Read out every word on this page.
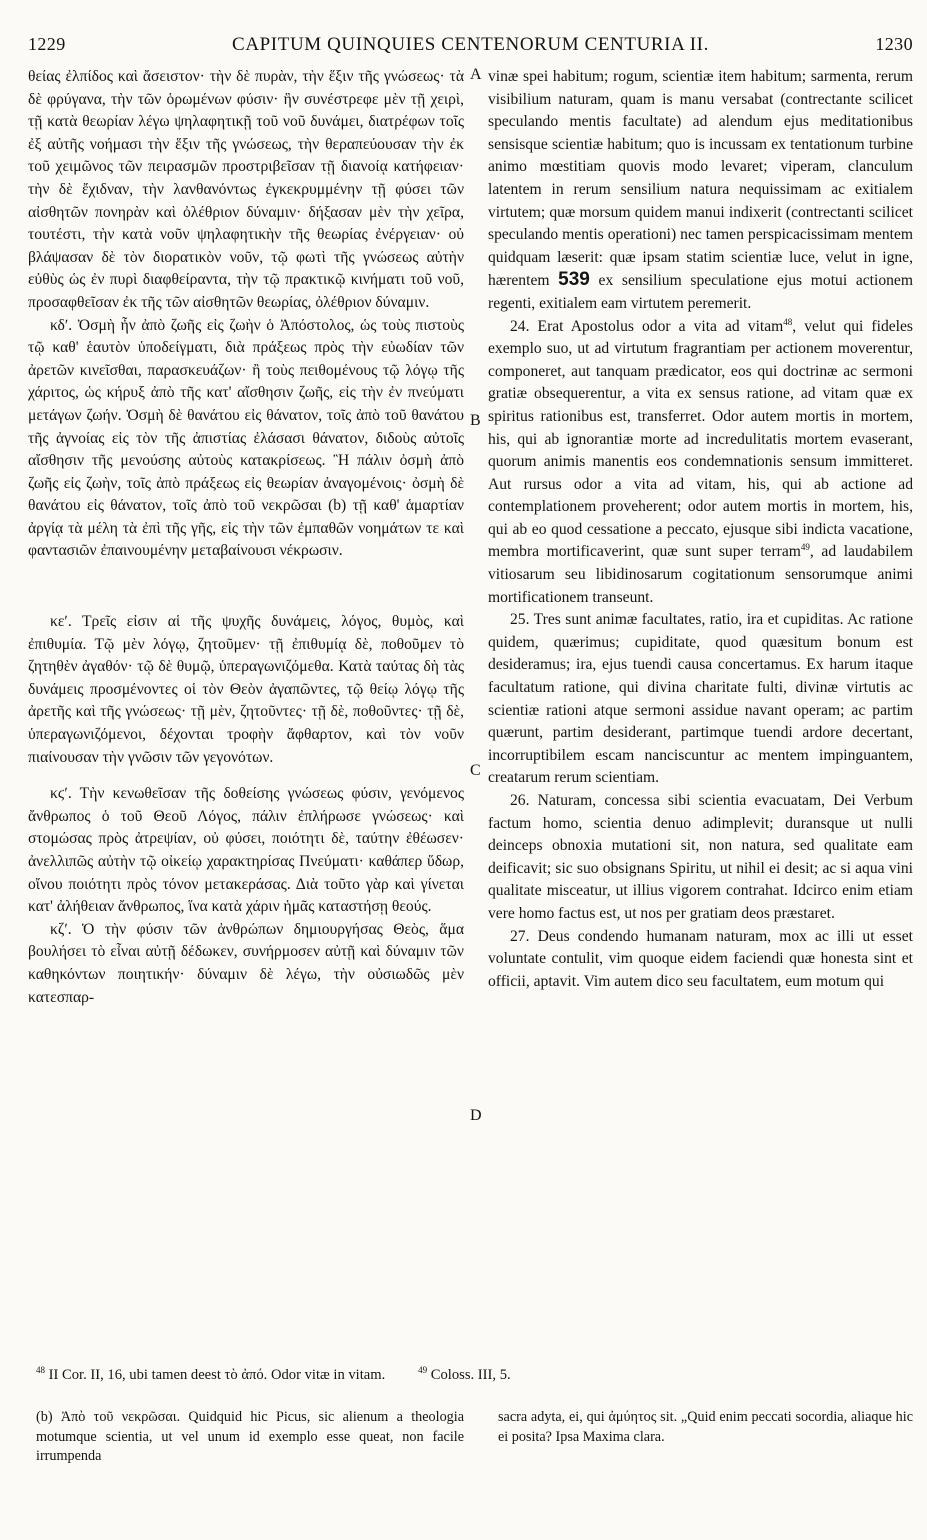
1229	CAPITUM QUINQUIES CENTENORUM CENTURIA II.	1230

θείας ἐλπίδος καὶ ἄσειστον· τὴν δὲ πυρὰν, τὴν ἕξιν τῆς γνώσεως· τὰ δὲ φρύγανα, τὴν τῶν ὁρωμένων φύσιν· ἣν συνέστρεφε μὲν τῇ χειρὶ, τῇ κατὰ θεωρίαν λέγω ψηλαφητικῇ τοῦ νοῦ δυνάμει, διατρέφων τοῖς ἐξ αὐτῆς νοήμασι τὴν ἕξιν τῆς γνώσεως, τὴν θεραπεύουσαν τὴν ἐκ τοῦ χειμῶνος τῶν πειρασμῶν προστριβεῖσαν τῇ διανοίᾳ κατήφειαν· τὴν δὲ ἔχιδναν, τὴν λανθανόντως ἐγκεκρυμμένην τῇ φύσει τῶν αἰσθητῶν πονηρὰν καὶ ὀλέθριον δύναμιν· δήξασαν μὲν τὴν χεῖρα, τουτέστι, τὴν κατὰ νοῦν ψηλαφητικὴν τῆς θεωρίας ἐνέργειαν· οὐ βλάψασαν δὲ τὸν διορατικὸν νοῦν, τῷ φωτὶ τῆς γνώσεως αὐτὴν εὐθὺς ὡς ἐν πυρὶ διαφθείραντα, τὴν τῷ πρακτικῷ κινήματι τοῦ νοῦ, προσαφθεῖσαν ἐκ τῆς τῶν αἰσθητῶν θεωρίας, ὀλέθριον δύναμιν.

κδʹ. Ὀσμὴ ἦν ἀπὸ ζωῆς εἰς ζωὴν ὁ Ἀπόστολος, ὡς τοὺς πιστοὺς τῷ καθ' ἑαυτὸν ὑποδείγματι, διὰ πράξεως πρὸς τὴν εὐωδίαν τῶν ἀρετῶν κινεῖσθαι, παρασκευάζων· ἢ τοὺς πειθομένους τῷ λόγῳ τῆς χάριτος, ὡς κήρυξ ἀπὸ τῆς κατ' αἴσθησιν ζωῆς, εἰς τὴν ἐν πνεύματι μετάγων ζωήν. Ὀσμὴ δὲ θανάτου εἰς θάνατον, τοῖς ἀπὸ τοῦ θανάτου τῆς ἀγνοίας εἰς τὸν τῆς ἀπιστίας ἐλάσασι θάνατον, διδοὺς αὐτοῖς αἴσθησιν τῆς μενούσης αὐτοὺς κατακρίσεως. Ἢ πάλιν ὀσμὴ ἀπὸ ζωῆς εἰς ζωὴν, τοῖς ἀπὸ πράξεως εἰς θεωρίαν ἀναγομένοις· ὀσμὴ δὲ θανάτου εἰς θάνατον, τοῖς ἀπὸ τοῦ νεκρῶσαι (b) τῇ καθ' ἁμαρτίαν ἀργίᾳ τὰ μέλη τὰ ἐπὶ τῆς γῆς, εἰς τὴν τῶν ἐμπαθῶν νοημάτων τε καὶ φαντασιῶν ἐπαινουμένην μεταβαίνουσι νέκρωσιν.

κεʹ. Τρεῖς εἰσιν αἱ τῆς ψυχῆς δυνάμεις, λόγος, θυμὸς, καὶ ἐπιθυμία. Τῷ μὲν λόγῳ, ζητοῦμεν· τῇ ἐπιθυμίᾳ δὲ, ποθοῦμεν τὸ ζητηθὲν ἀγαθόν· τῷ δὲ θυμῷ, ὑπεραγωνιζόμεθα. Κατὰ ταύτας δὴ τὰς δυνάμεις προσμένοντες οἱ τὸν Θεὸν ἀγαπῶντες, τῷ θείῳ λόγῳ τῆς ἀρετῆς καὶ τῆς γνώσεως· τῇ μὲν, ζητοῦντες· τῇ δὲ, ποθοῦντες· τῇ δὲ, ὑπεραγωνιζόμενοι, δέχονται τροφὴν ἄφθαρτον, καὶ τὸν νοῦν πιαίνουσαν τὴν γνῶσιν τῶν γεγονότων.

κϛʹ. Τὴν κενωθεῖσαν τῆς δοθείσης γνώσεως φύσιν, γενόμενος ἄνθρωπος ὁ τοῦ Θεοῦ Λόγος, πάλιν ἐπλήρωσε γνώσεως· καὶ στομώσας πρὸς ἀτρεψίαν, οὐ φύσει, ποιότητι δὲ, ταύτην ἐθέωσεν· ἀνελλιπῶς αὐτὴν τῷ οἰκείῳ χαρακτηρίσας Πνεύματι· καθάπερ ὕδωρ, οἴνου ποιότητι πρὸς τόνον μετακεράσας. Διὰ τοῦτο γὰρ καὶ γίνεται κατ' ἀλήθειαν ἄνθρωπος, ἵνα κατὰ χάριν ἡμᾶς καταστήσῃ θεούς.

κζʹ. Ὁ τὴν φύσιν τῶν ἀνθρώπων δημιουργήσας Θεὸς, ἅμα βουλήσει τὸ εἶναι αὐτῇ δέδωκεν, συνήρμοσεν αὐτῇ καὶ δύναμιν τῶν καθηκόντων ποιητικήν· δύναμιν δὲ λέγω, τὴν οὐσιωδῶς μὲν κατεσπαρ-

A
B
C
D

vinæ spei habitum; rogum, scientiæ item habitum; sarmenta, rerum visibilium naturam, quam is manu versabat (contrectante scilicet speculando mentis facultate) ad alendum ejus meditationibus sensisque scientiæ habitum; quo is incussam ex tentationum turbine animo mœstitiam quovis modo levaret; viperam, clanculum latentem in rerum sensilium natura nequissimam ac exitialem virtutem; quæ morsum quidem manui indixerit (contrectanti scilicet speculando mentis operationi) nec tamen perspicacissimam mentem quidquam læserit: quæ ipsam statim scientiæ luce, velut in igne, hærentem 539 ex sensilium speculatione ejus motui actionem regenti, exitialem eam virtutem peremerit.

24. Erat Apostolus odor a vita ad vitam$^{48}$, velut qui fideles exemplo suo, ut ad virtutum fragrantiam per actionem moverentur, componeret, aut tanquam prædicator, eos qui doctrinæ ac sermoni gratiæ obsequerentur, a vita ex sensus ratione, ad vitam quæ ex spiritus rationibus est, transferret. Odor autem mortis in mortem, his, qui ab ignorantiæ morte ad incredulitatis mortem evaserant, quorum animis manentis eos condemnationis sensum immitteret. Aut rursus odor a vita ad vitam, his, qui ab actione ad contemplationem proveherent; odor autem mortis in mortem, his, qui ab eo quod cessatione a peccato, ejusque sibi indicta vacatione, membra mortificaverint, quæ sunt super terram$^{49}$, ad laudabilem vitiosarum seu libidinosarum cogitationum sensorumque animi mortificationem transeunt.

25. Tres sunt animæ facultates, ratio, ira et cupiditas. Ac ratione quidem, quærimus; cupiditate, quod quæsitum bonum est desideramus; ira, ejus tuendi causa concertamus. Ex harum itaque facultatum ratione, qui divina charitate fulti, divinæ virtutis ac scientiæ rationi atque sermoni assidue navant operam; ac partim quærunt, partim desiderant, partimque tuendi ardore decertant, incorruptibilem escam nanciscuntur ac mentem impinguantem, creatarum rerum scientiam.

26. Naturam, concessa sibi scientia evacuatam, Dei Verbum factum homo, scientia denuo adimplevit; duransque ut nulli deinceps obnoxia mutationi sit, non natura, sed qualitate eam deificavit; sic suo obsignans Spiritu, ut nihil ei desit; ac si aqua vini qualitate misceatur, ut illius vigorem contrahat. Idcirco enim etiam vere homo factus est, ut nos per gratiam deos præstaret.

27. Deus condendo humanam naturam, mox ac illi ut esset voluntate contulit, vim quoque eidem faciendi quæ honesta sint et officii, aptavit. Vim autem dico seu facultatem, eum motum qui

$^{48}$ II Cor. II, 16, ubi tamen deest τὸ ἀπό. Odor vitæ in vitam.	$^{49}$ Coloss. III, 5.
(b) Ἀπὸ τοῦ νεκρῶσαι. Quidquid hic Picus, sic alienum a theologia motumque scientia, ut vel unum id exemplo esse queat, non facile irrumpenda
sacra adyta, ei, qui ἀμύητος sit. „Quid enim peccati socordia, aliaque hic ei posita? Ipsa Maxima clara.
